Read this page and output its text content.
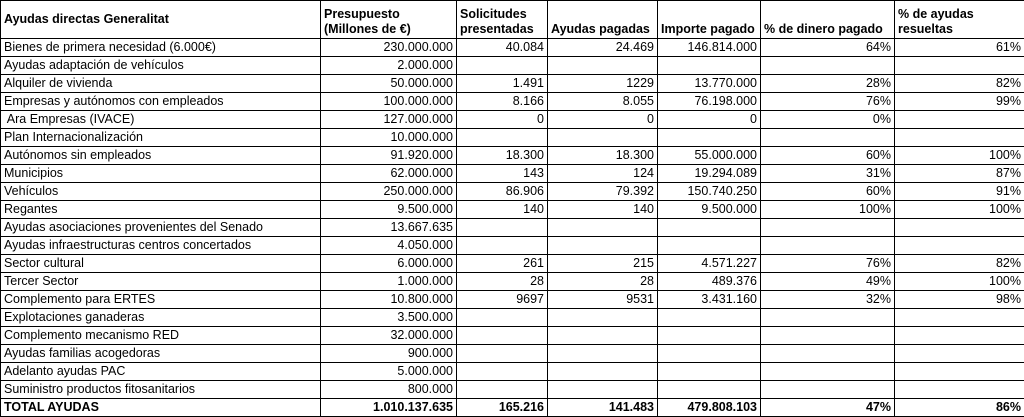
Ayudas directas Generalitat	Presupuesto (Millones de €)	Solicitudes presentadas	Ayudas pagadas	Importe pagado	% de dinero pagado	% de ayudas resueltas
Bienes de primera necesidad (6.000€)	230.000.000	40.084	24.469	146.814.000	64%	61%
Ayudas adaptación de vehículos	2.000.000					
Alquiler de vivienda	50.000.000	1.491	1229	13.770.000	28%	82%
Empresas y autónomos con empleados	100.000.000	8.166	8.055	76.198.000	76%	99%
Ara Empresas (IVACE)	127.000.000	0	0	0	0%	
Plan Internacionalización	10.000.000					
Autónomos sin empleados	91.920.000	18.300	18.300	55.000.000	60%	100%
Municipios	62.000.000	143	124	19.294.089	31%	87%
Vehículos	250.000.000	86.906	79.392	150.740.250	60%	91%
Regantes	9.500.000	140	140	9.500.000	100%	100%
Ayudas asociaciones provenientes del Senado	13.667.635					
Ayudas infraestructuras centros concertados	4.050.000					
Sector cultural	6.000.000	261	215	4.571.227	76%	82%
Tercer Sector	1.000.000	28	28	489.376	49%	100%
Complemento para ERTES	10.800.000	9697	9531	3.431.160	32%	98%
Explotaciones ganaderas	3.500.000					
Complemento mecanismo RED	32.000.000					
Ayudas familias acogedoras	900.000					
Adelanto ayudas PAC	5.000.000					
Suministro productos fitosanitarios	800.000					
TOTAL AYUDAS	1.010.137.635	165.216	141.483	479.808.103	47%	86%
